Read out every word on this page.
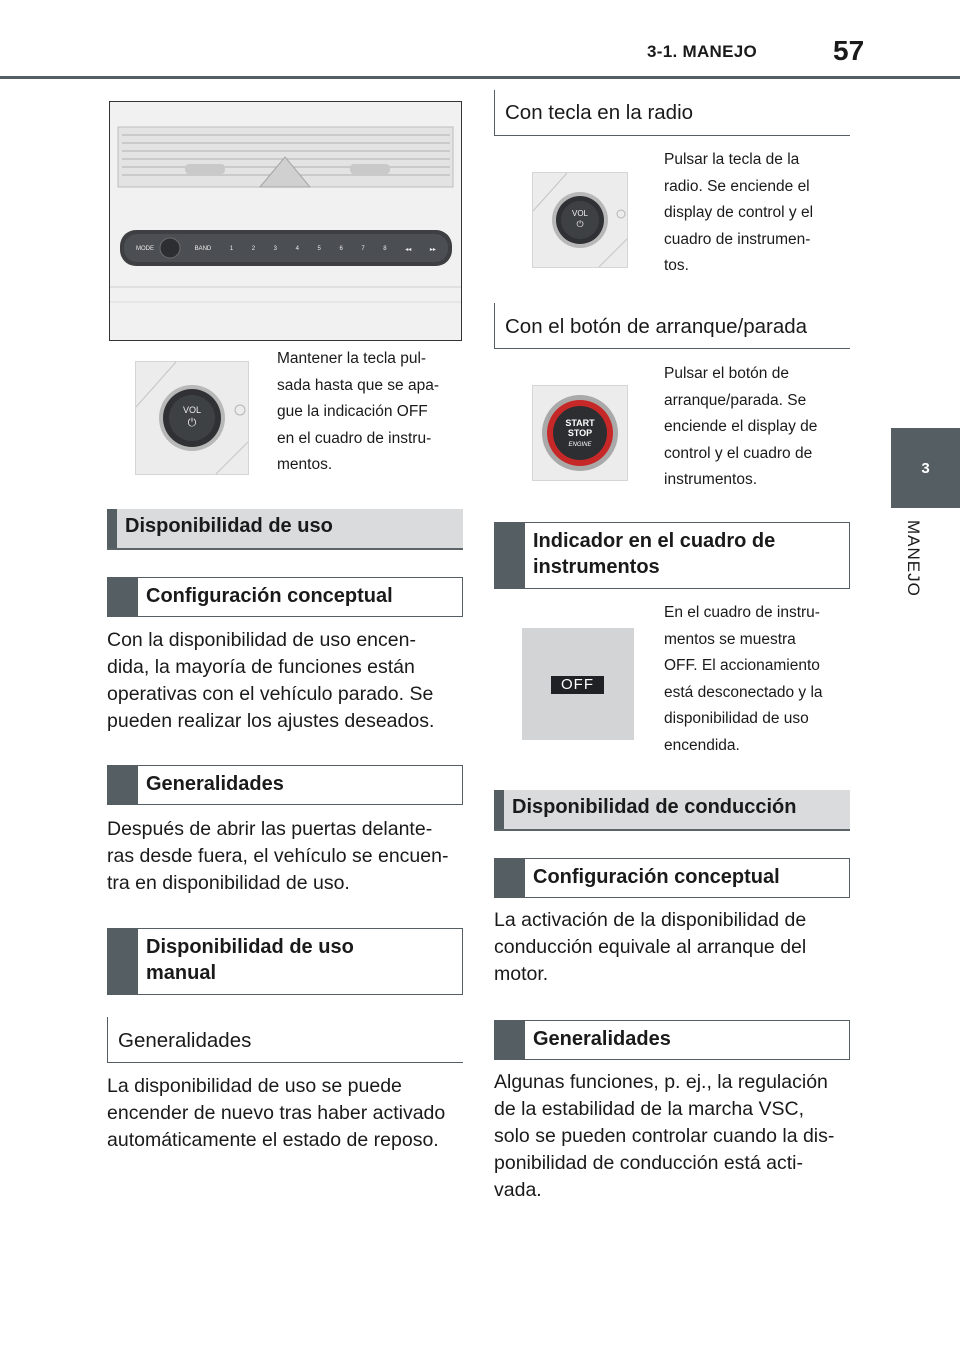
3-1. MANEJO	57
3
MANEJO
MODE	BAND	1	2	3	4	5	6	7	8	◂◂	▸▸
VOL
⏻
Mantener la tecla pul-
sada hasta que se apa-
gue la indicación OFF
en el cuadro de instru-
mentos.
Disponibilidad de uso
Configuración conceptual
Con la disponibilidad de uso encen-
dida, la mayoría de funciones están
operativas con el vehículo parado. Se
pueden realizar los ajustes deseados.
Generalidades
Después de abrir las puertas delante-
ras desde fuera, el vehículo se encuen-
tra en disponibilidad de uso.
Disponibilidad de uso
manual
Generalidades
La disponibilidad de uso se puede
encender de nuevo tras haber activado
automáticamente el estado de reposo.
Con tecla en la radio
VOL
⏻
Pulsar la tecla de la
radio. Se enciende el
display de control y el
cuadro de instrumen-
tos.
Con el botón de arranque/parada
START
STOP
ENGINE
Pulsar el botón de
arranque/parada. Se
enciende el display de
control y el cuadro de
instrumentos.
Indicador en el cuadro de
instrumentos
OFF
En el cuadro de instru-
mentos se muestra
OFF. El accionamiento
está desconectado y la
disponibilidad de uso
encendida.
Disponibilidad de conducción
Configuración conceptual
La activación de la disponibilidad de
conducción equivale al arranque del
motor.
Generalidades
Algunas funciones, p. ej., la regulación
de la estabilidad de la marcha VSC,
solo se pueden controlar cuando la dis-
ponibilidad de conducción está acti-
vada.
